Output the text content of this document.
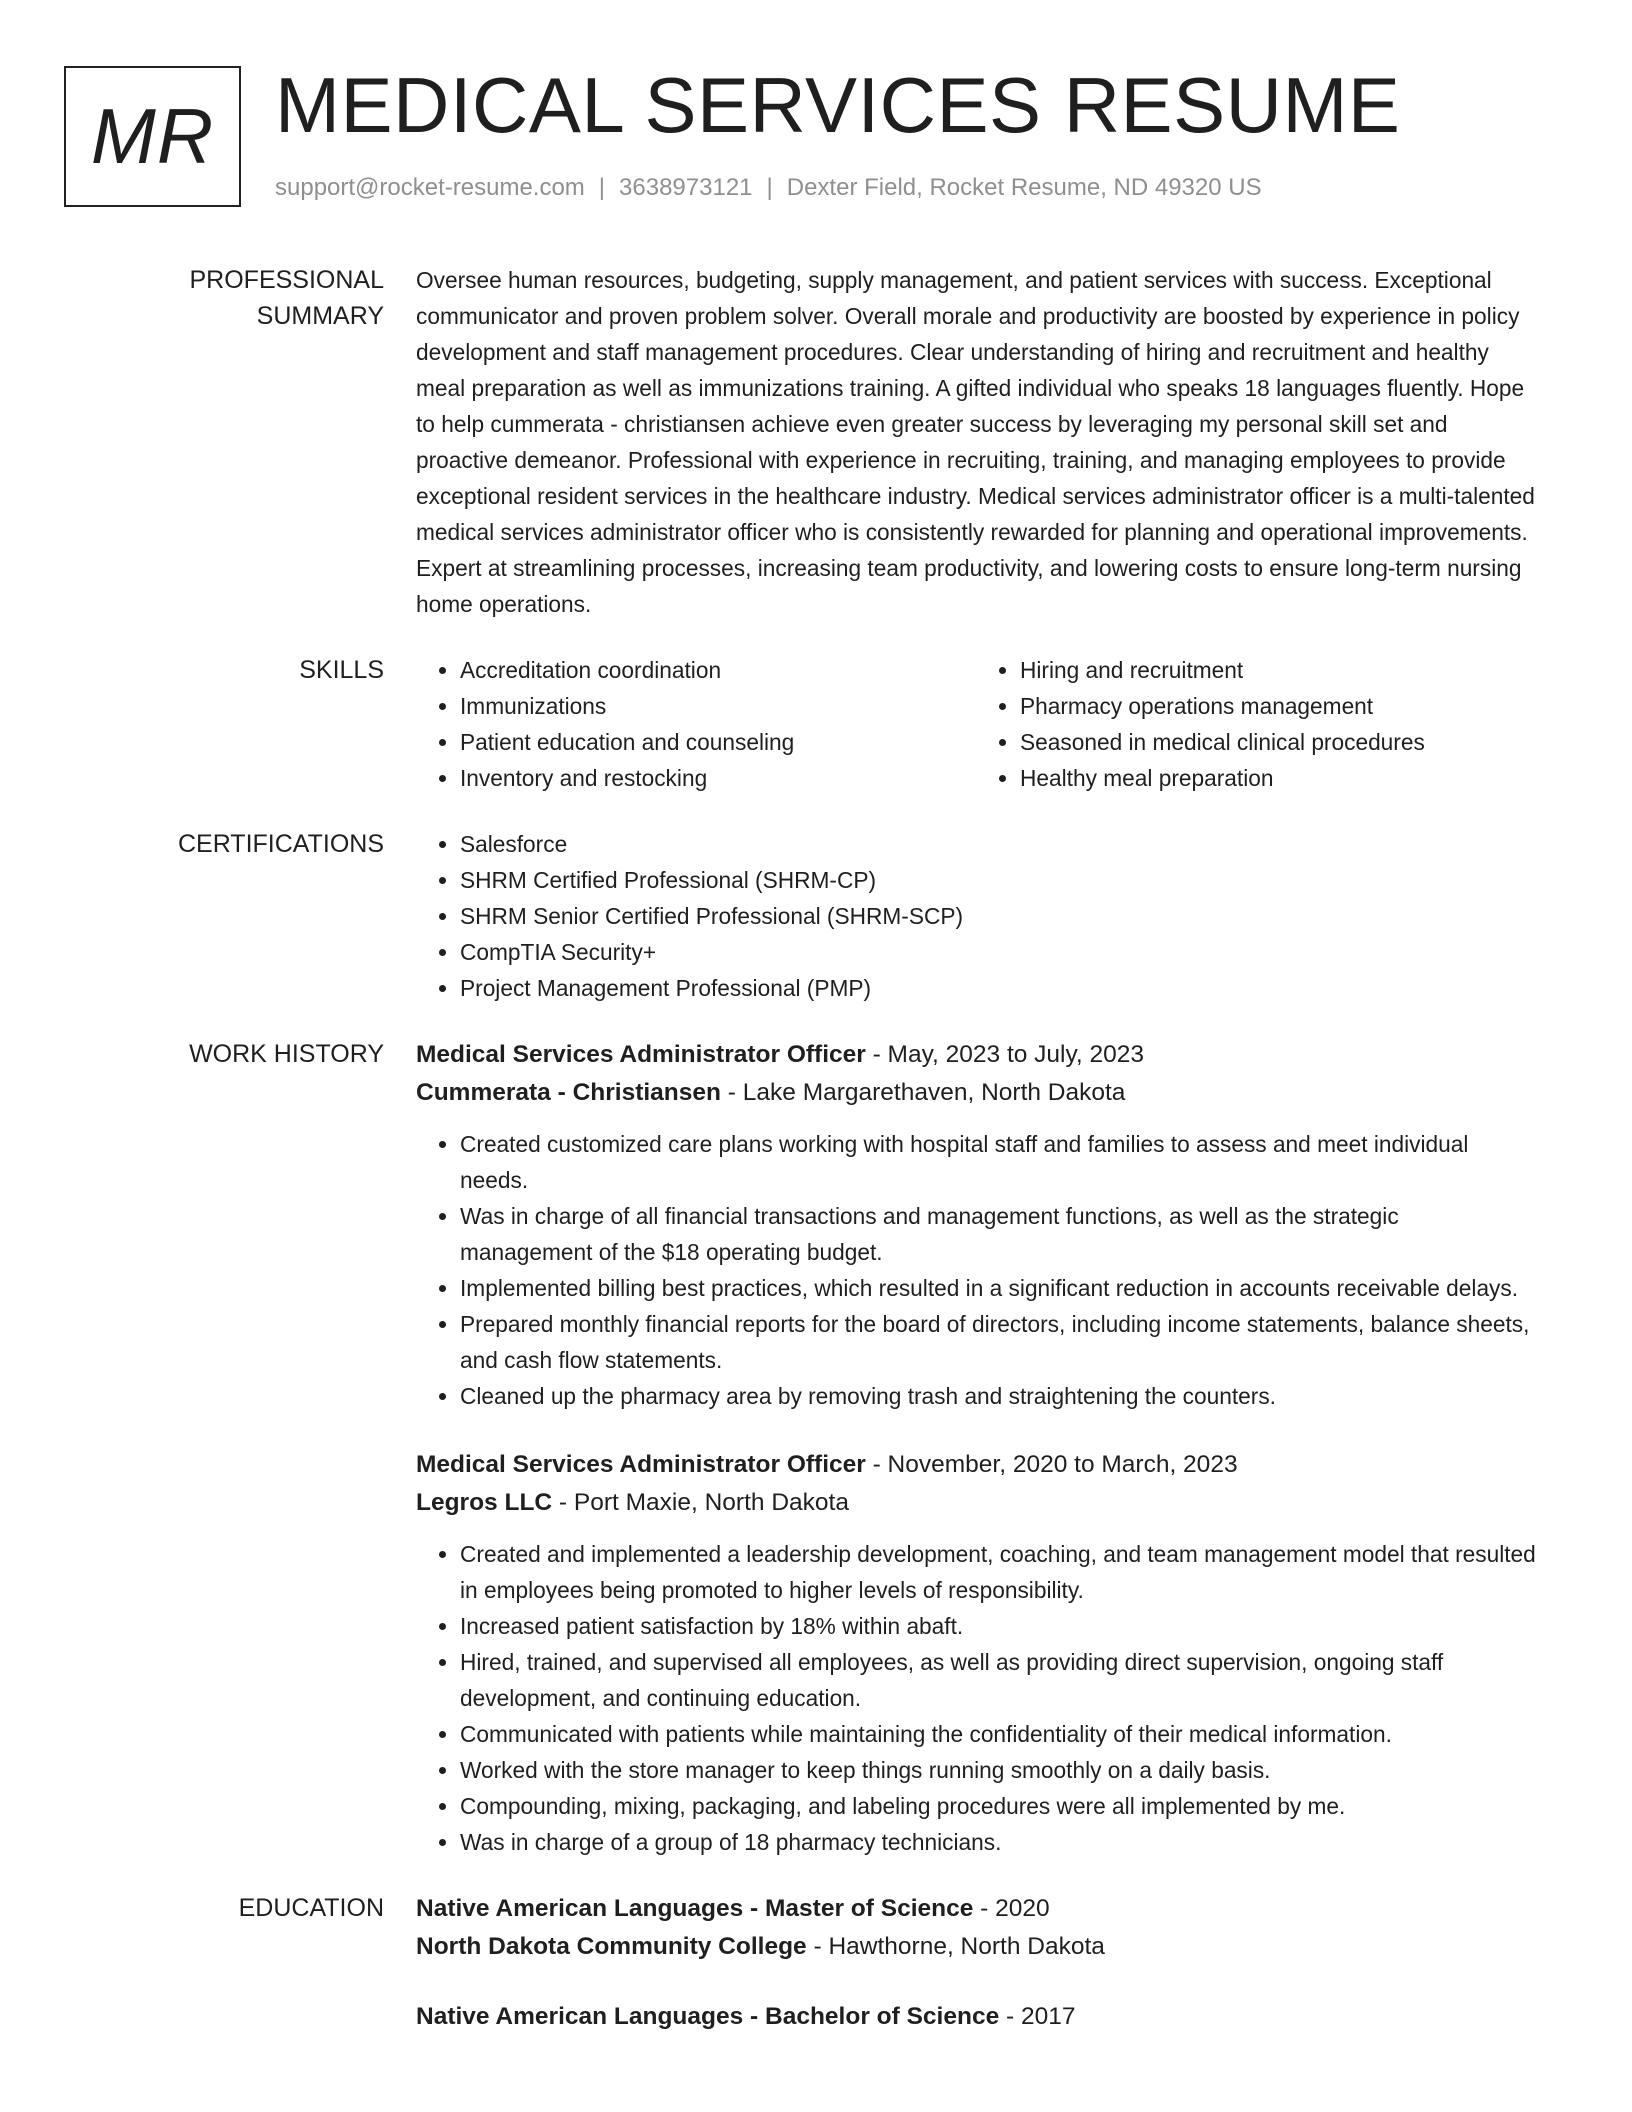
MR MEDICAL SERVICES RESUME
support@rocket-resume.com | 3638973121 | Dexter Field, Rocket Resume, ND 49320 US
PROFESSIONAL SUMMARY

Oversee human resources, budgeting, supply management, and patient services with success. Exceptional communicator and proven problem solver. Overall morale and productivity are boosted by experience in policy development and staff management procedures. Clear understanding of hiring and recruitment and healthy meal preparation as well as immunizations training. A gifted individual who speaks 18 languages fluently. Hope to help cummerata - christiansen achieve even greater success by leveraging my personal skill set and proactive demeanor. Professional with experience in recruiting, training, and managing employees to provide exceptional resident services in the healthcare industry. Medical services administrator officer is a multi-talented medical services administrator officer who is consistently rewarded for planning and operational improvements. Expert at streamlining processes, increasing team productivity, and lowering costs to ensure long-term nursing home operations.

SKILLS	• Accreditation coordination
• Immunizations
• Patient education and counseling
• Inventory and restocking
• Hiring and recruitment
• Pharmacy operations management
• Seasoned in medical clinical procedures
• Healthy meal preparation
CERTIFICATIONS	• Salesforce
• SHRM Certified Professional (SHRM-CP)
• SHRM Senior Certified Professional (SHRM-SCP)
• CompTIA Security+
• Project Management Professional (PMP)
WORK HISTORY	Medical Services Administrator Officer - May, 2023 to July, 2023
Cummerata - Christiansen - Lake Margarethaven, North Dakota
• Created customized care plans working with hospital staff and families to assess and meet individual needs.
• Was in charge of all financial transactions and management functions, as well as the strategic management of the $18 operating budget.
• Implemented billing best practices, which resulted in a significant reduction in accounts receivable delays.
• Prepared monthly financial reports for the board of directors, including income statements, balance sheets, and cash flow statements.
• Cleaned up the pharmacy area by removing trash and straightening the counters.
Medical Services Administrator Officer - November, 2020 to March, 2023
Legros LLC - Port Maxie, North Dakota
• Created and implemented a leadership development, coaching, and team management model that resulted in employees being promoted to higher levels of responsibility.
• Increased patient satisfaction by 18% within abaft.
• Hired, trained, and supervised all employees, as well as providing direct supervision, ongoing staff development, and continuing education.
• Communicated with patients while maintaining the confidentiality of their medical information.
• Worked with the store manager to keep things running smoothly on a daily basis.
• Compounding, mixing, packaging, and labeling procedures were all implemented by me.
• Was in charge of a group of 18 pharmacy technicians.
EDUCATION	Native American Languages - Master of Science - 2020
North Dakota Community College - Hawthorne, North Dakota
Native American Languages - Bachelor of Science - 2017
